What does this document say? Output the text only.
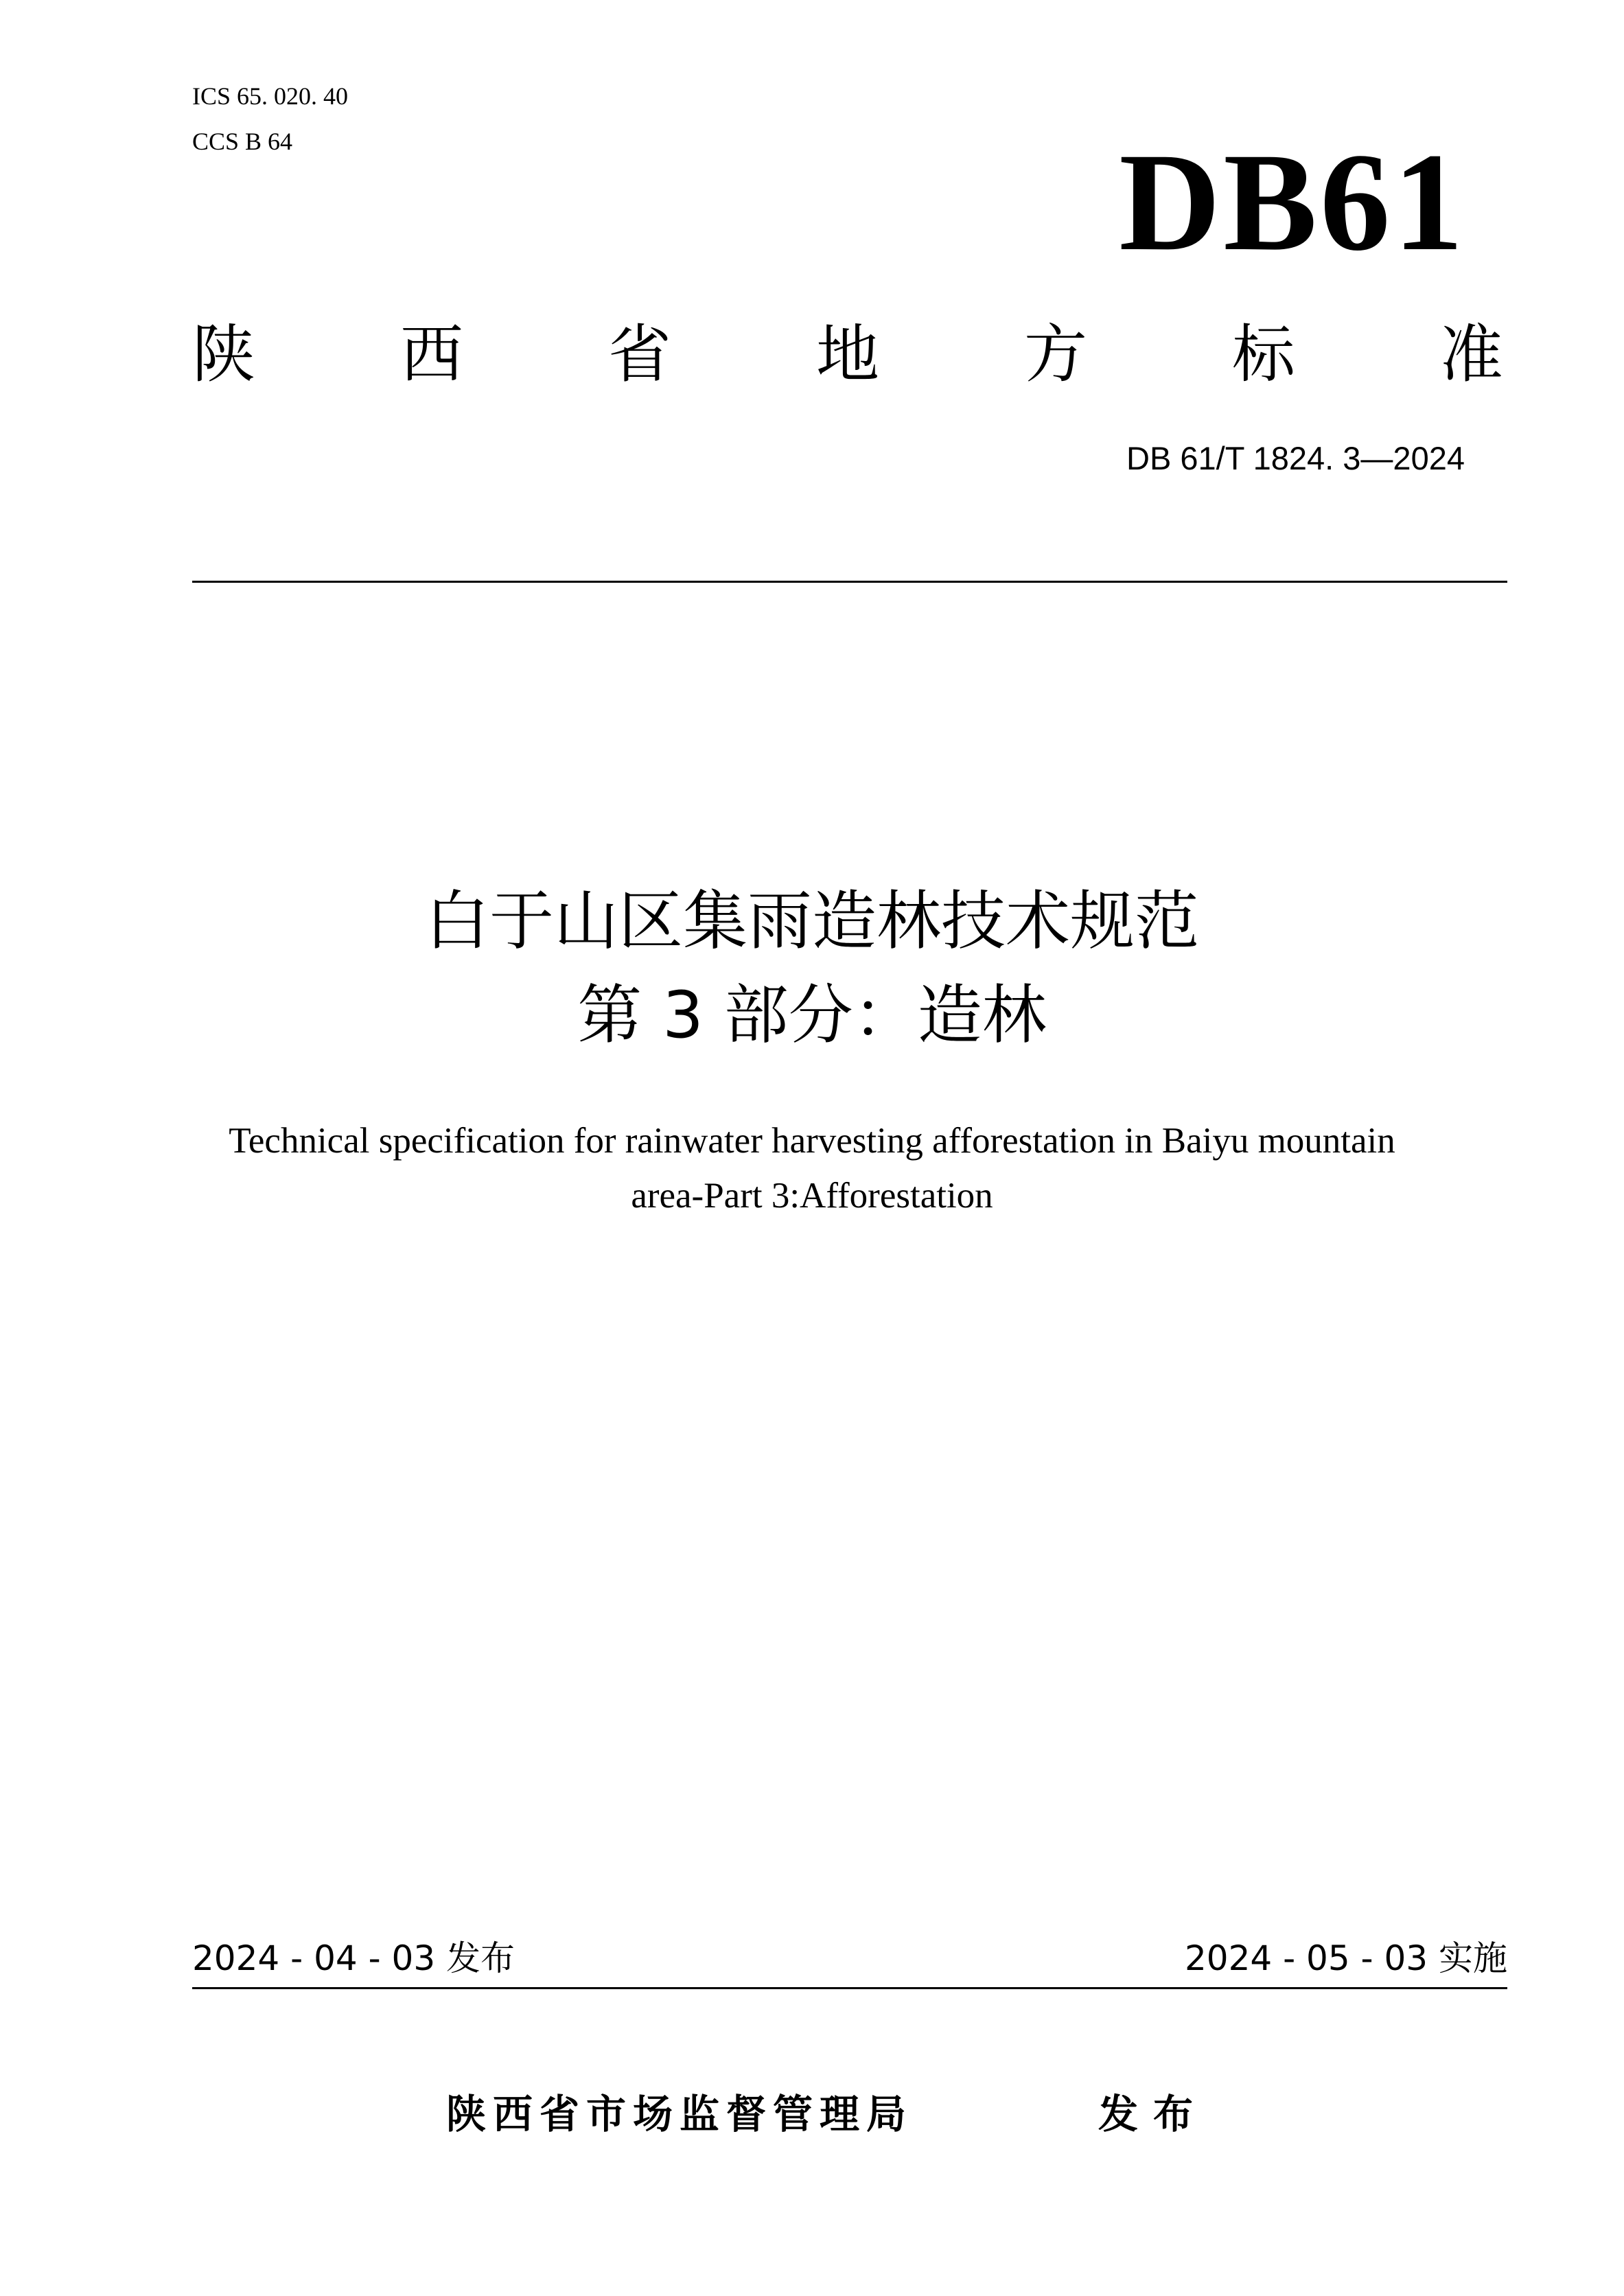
ICS 65. 020. 40
CCS B 64	DB61
陕 西 省 地 方 标 准
DB 61/T 1824. 3—2024
白于山区集雨造林技术规范
第 3 部分：造林
Technical specification for rainwater harvesting afforestation in Baiyu mountain
area-Part 3:Afforestation
2024 - 04 - 03 发布	2024 - 05 - 03 实施
陕西省市场监督管理局	发布
